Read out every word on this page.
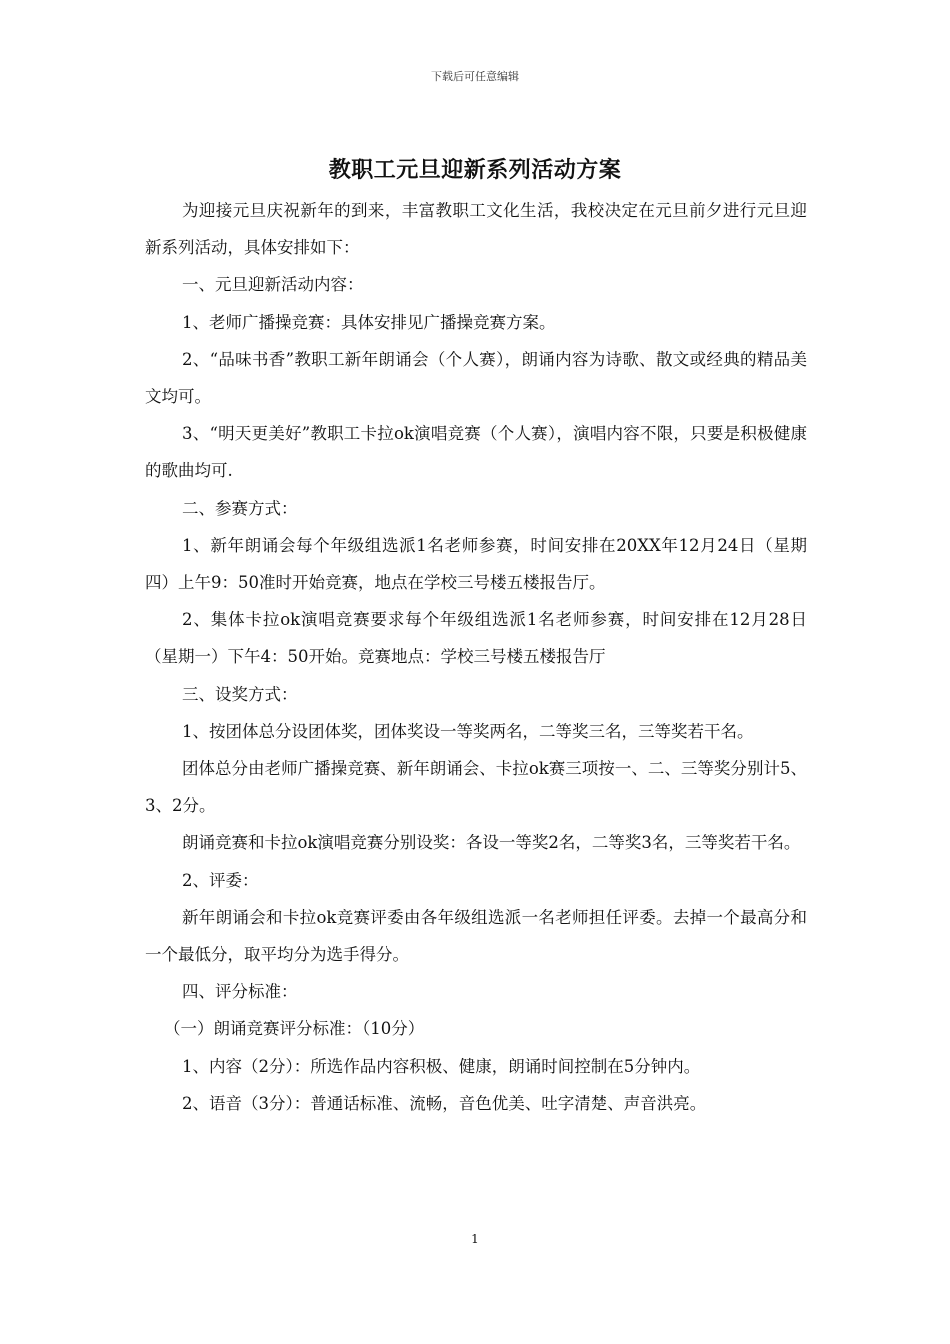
下载后可任意编辑
教职工元旦迎新系列活动方案

为迎接元旦庆祝新年的到来，丰富教职工文化生活，我校决定在元旦前夕进行元旦迎新系列活动，具体安排如下：

一、元旦迎新活动内容：

1、老师广播操竞赛：具体安排见广播操竞赛方案。

2、“品味书香”教职工新年朗诵会（个人赛），朗诵内容为诗歌、散文或经典的精品美文均可。

3、“明天更美好”教职工卡拉ok演唱竞赛（个人赛），演唱内容不限，只要是积极健康的歌曲均可.

二、参赛方式：

1、新年朗诵会每个年级组选派1名老师参赛，时间安排在20XX年12月24日（星期四）上午9：50准时开始竞赛，地点在学校三号楼五楼报告厅。

2、集体卡拉ok演唱竞赛要求每个年级组选派1名老师参赛，时间安排在12月28日（星期一）下午4：50开始。竞赛地点：学校三号楼五楼报告厅

三、设奖方式：

1、按团体总分设团体奖，团体奖设一等奖两名，二等奖三名，三等奖若干名。

团体总分由老师广播操竞赛、新年朗诵会、卡拉ok赛三项按一、二、三等奖分别计5、3、2分。

朗诵竞赛和卡拉ok演唱竞赛分别设奖：各设一等奖2名，二等奖3名，三等奖若干名。

2、评委：

新年朗诵会和卡拉ok竞赛评委由各年级组选派一名老师担任评委。去掉一个最高分和一个最低分，取平均分为选手得分。

四、评分标准：

（一）朗诵竞赛评分标准：（10分）

1、内容（2分）：所选作品内容积极、健康，朗诵时间控制在5分钟内。

2、语音（3分）：普通话标准、流畅，音色优美、吐字清楚、声音洪亮。

1
